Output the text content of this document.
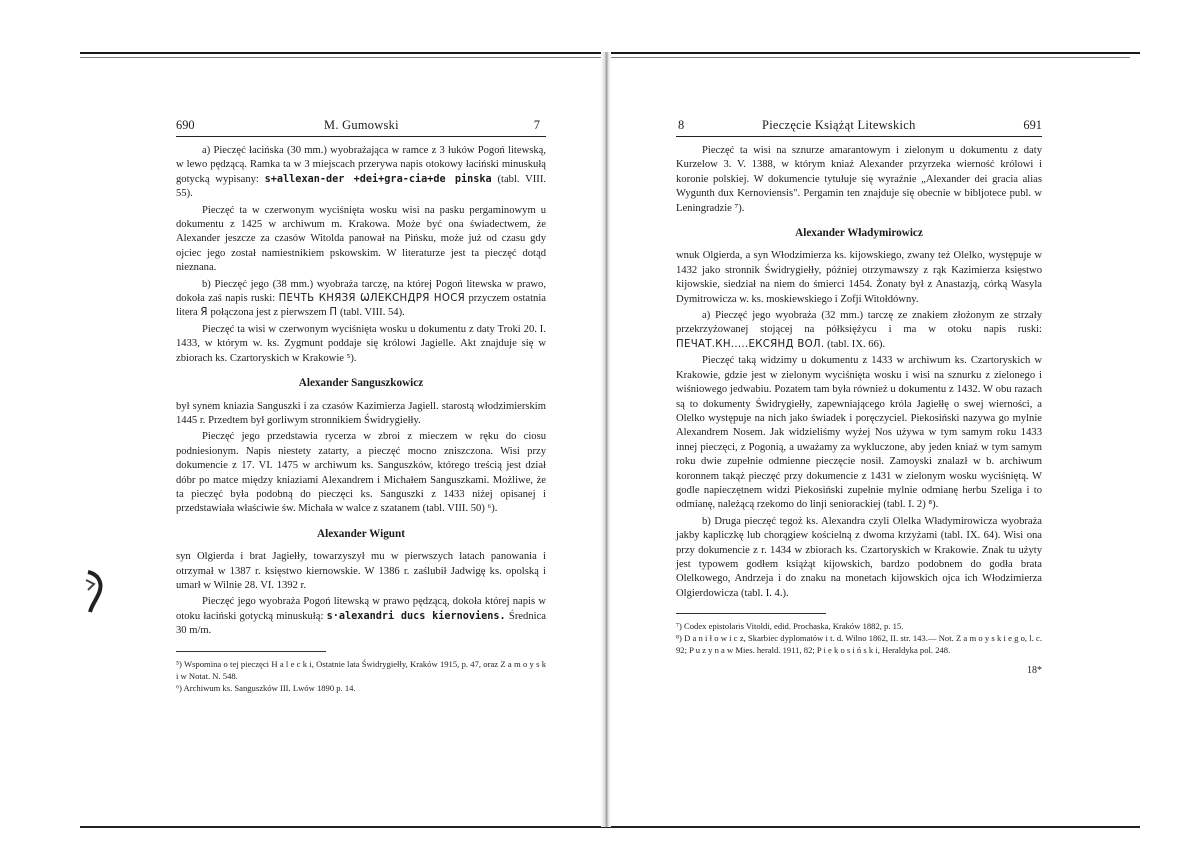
690	M. Gumowski	7

a) Pieczęć łacińska (30 mm.) wyobrażająca w ramce z 3 łuków Pogoń litewską, w lewo pędzącą. Ramka ta w 3 miejscach przerywa napis otokowy łaciński minuskułą gotycką wypisany: s+allexan-der +dei+gra-cia+de pinska (tabl. VIII. 55).

Pieczęć ta w czerwonym wyciśnięta wosku wisi na pasku pergaminowym u dokumentu z 1425 w archiwum m. Krakowa. Może być ona świadectwem, że Alexander jeszcze za czasów Witolda panował na Pińsku, może już od czasu gdy ojciec jego został namiestnikiem pskowskim. W literaturze jest ta pieczęć dotąd nieznana.

b) Pieczęć jego (38 mm.) wyobraża tarczę, na której Pogoń litewska w prawo, dokoła zaś napis ruski: ПЕЧТЬ КНЯЗЯ ѠЛЕКСНДРЯ НОСЯ przyczem ostatnia litera Я połączona jest z pierwszem П (tabl. VIII. 54).

Pieczęć ta wisi w czerwonym wyciśnięta wosku u dokumentu z daty Troki 20. I. 1433, w którym w. ks. Zygmunt poddaje się królowi Jagielle. Akt znajduje się w zbiorach ks. Czartoryskich w Krakowie ⁵).

Alexander Sanguszkowicz

był synem kniazia Sanguszki i za czasów Kazimierza Jagiell. starostą włodzimierskim 1445 r. Przedtem był gorliwym stronnikiem Świdrygiełły.

Pieczęć jego przedstawia rycerza w zbroi z mieczem w ręku do ciosu podniesionym. Napis niestety zatarty, a pieczęć mocno zniszczona. Wisi przy dokumencie z 17. VI. 1475 w archiwum ks. Sanguszków, którego treścią jest dział dóbr po matce między kniaziami Alexandrem i Michałem Sanguszkami. Możliwe, że ta pieczęć była podobną do pieczęci ks. Sanguszki z 1433 niżej opisanej i przedstawiała właściwie św. Michała w walce z szatanem (tabl. VIII. 50) ⁶).

Alexander Wigunt

syn Olgierda i brat Jagiełły, towarzyszył mu w pierwszych latach panowania i otrzymał w 1387 r. księstwo kiernowskie. W 1386 r. zaślubił Jadwigę ks. opolską i umarł w Wilnie 28. VI. 1392 r.

Pieczęć jego wyobraża Pogoń litewską w prawo pędzącą, dokoła której napis w otoku łaciński gotycką minuskułą: s·alexandri ducs kiernoviens. Średnica 30 m/m.

⁵) Wspomina o tej pieczęci H a l e c k i, Ostatnie lata Świdrygiełły, Kraków 1915, p. 47, oraz Z a m o y s k i w Notat. N. 548.

⁶) Archiwum ks. Sanguszków III. Lwów 1890 p. 14.

8	Pieczęcie Książąt Litewskich	691

Pieczęć ta wisi na sznurze amarantowym i zielonym u dokumentu z daty Kurzelow 3. V. 1388, w którym kniaź Alexander przyrzeka wierność królowi i koronie polskiej. W dokumencie tytułuje się wyraźnie „Alexander dei gracia alias Wygunth dux Kernoviensis". Pergamin ten znajduje się obecnie w bibljotece publ. w Leningradzie ⁷).

Alexander Władymirowicz

wnuk Olgierda, a syn Włodzimierza ks. kijowskiego, zwany też Olelko, występuje w 1432 jako stronnik Świdrygiełły, później otrzymawszy z rąk Kazimierza księstwo kijowskie, siedział na niem do śmierci 1454. Żonaty był z Anastazją, córką Wasyla Dymitrowicza w. ks. moskiewskiego i Zofji Witołdówny.

a) Pieczęć jego wyobraża (32 mm.) tarczę ze znakiem złożonym ze strzały przekrzyżowanej stojącej na półksiężycu i ma w otoku napis ruski: ПЕЧАТ.КН.....ЕКСЯНД ВОЛ. (tabl. IX. 66).

Pieczęć taką widzimy u dokumentu z 1433 w archiwum ks. Czartoryskich w Krakowie, gdzie jest w zielonym wyciśnięta wosku i wisi na sznurku z zielonego i wiśniowego jedwabiu. Pozatem tam była również u dokumentu z 1432. W obu razach są to dokumenty Świdrygiełły, zapewniającego króla Jagiełłę o swej wierności, a Olelko występuje na nich jako świadek i poręczyciel. Piekosiński nazywa go mylnie Alexandrem Nosem. Jak widzieliśmy wyżej Nos używa w tym samym roku 1433 innej pieczęci, z Pogonią, a uważamy za wykluczone, aby jeden kniaź w tym samym roku dwie zupełnie odmienne pieczęcie nosił. Zamoyski znalazł w b. archiwum koronnem takąż pieczęć przy dokumencie z 1431 w zielonym wosku wyciśniętą. W godle napieczętnem widzi Piekosiński zupełnie mylnie odmianę herbu Szeliga i to odmianę, należącą rzekomo do linji seniorackiej (tabl. I. 2) ⁸).

b) Druga pieczęć tegoż ks. Alexandra czyli Olelka Władymirowicza wyobraża jakby kapliczkę lub chorągiew kościelną z dwoma krzyżami (tabl. IX. 64). Wisi ona przy dokumencie z r. 1434 w zbiorach ks. Czartoryskich w Krakowie. Znak tu użyty jest typowem godłem książąt kijowskich, bardzo podobnem do godła brata Olelkowego, Andrzeja i do znaku na monetach kijowskich ojca ich Włodzimierza Olgierdowicza (tabl. I. 4.).

⁷) Codex epistolaris Vitoldi, edid. Prochaska, Kraków 1882, p. 15.

⁸) D a n i ł o w i c z, Skarbiec dyplomatów i t. d. Wilno 1862, II. str. 143.— Not. Z a m o y s k i e g o, l. c. 92; P u z y n a w Mies. herald. 1911, 82; P i e k o s i ń s k i, Heraldyka pol. 248.

18*
